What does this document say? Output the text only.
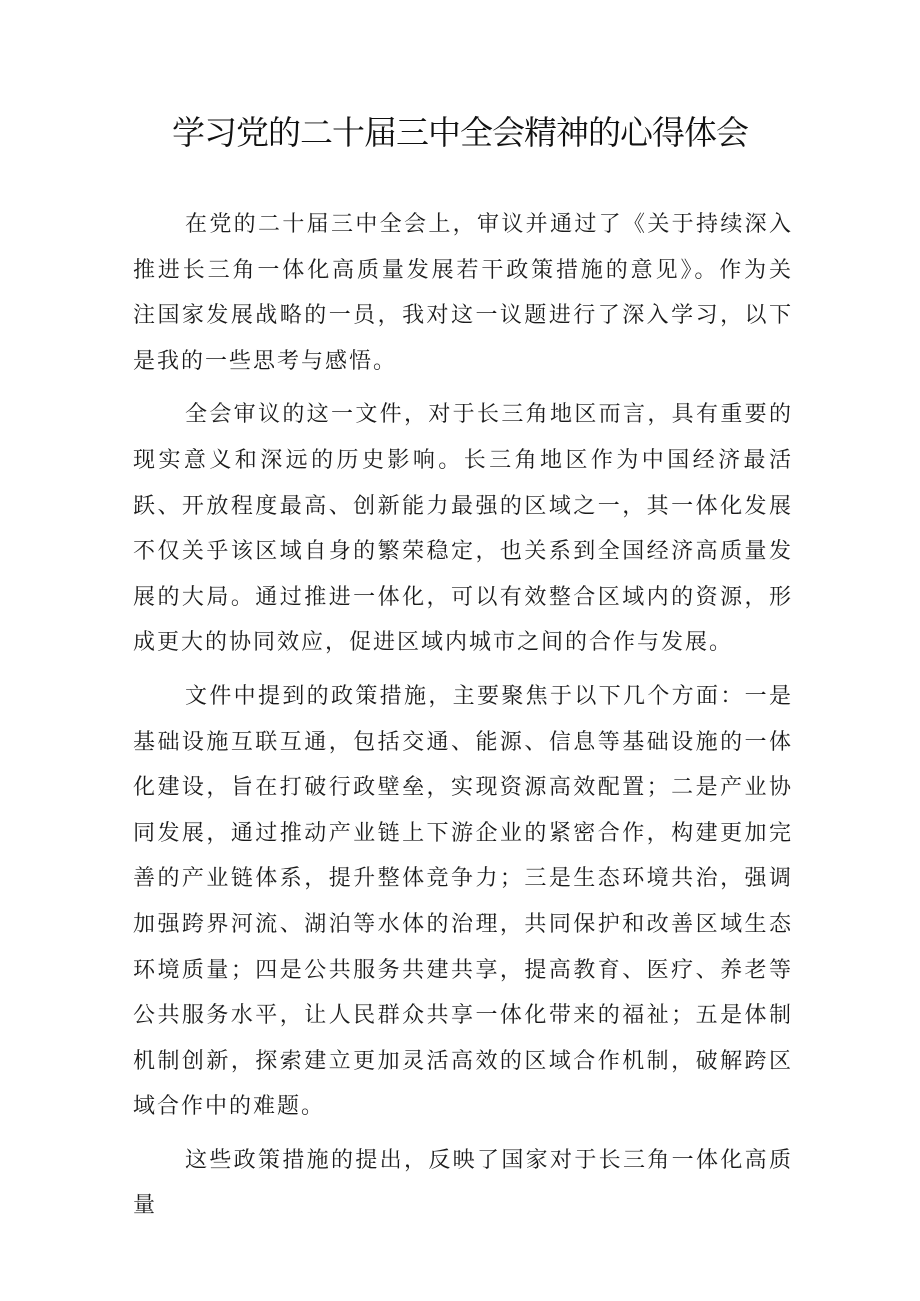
学习党的二十届三中全会精神的心得体会

在党的二十届三中全会上，审议并通过了《关于持续深入推进长三角一体化高质量发展若干政策措施的意见》。作为关注国家发展战略的一员，我对这一议题进行了深入学习，以下是我的一些思考与感悟。

全会审议的这一文件，对于长三角地区而言，具有重要的现实意义和深远的历史影响。长三角地区作为中国经济最活跃、开放程度最高、创新能力最强的区域之一，其一体化发展不仅关乎该区域自身的繁荣稳定，也关系到全国经济高质量发展的大局。通过推进一体化，可以有效整合区域内的资源，形成更大的协同效应，促进区域内城市之间的合作与发展。

文件中提到的政策措施，主要聚焦于以下几个方面：一是基础设施互联互通，包括交通、能源、信息等基础设施的一体化建设，旨在打破行政壁垒，实现资源高效配置；二是产业协同发展，通过推动产业链上下游企业的紧密合作，构建更加完善的产业链体系，提升整体竞争力；三是生态环境共治，强调加强跨界河流、湖泊等水体的治理，共同保护和改善区域生态环境质量；四是公共服务共建共享，提高教育、医疗、养老等公共服务水平，让人民群众共享一体化带来的福祉；五是体制机制创新，探索建立更加灵活高效的区域合作机制，破解跨区域合作中的难题。

这些政策措施的提出，反映了国家对于长三角一体化高质量
